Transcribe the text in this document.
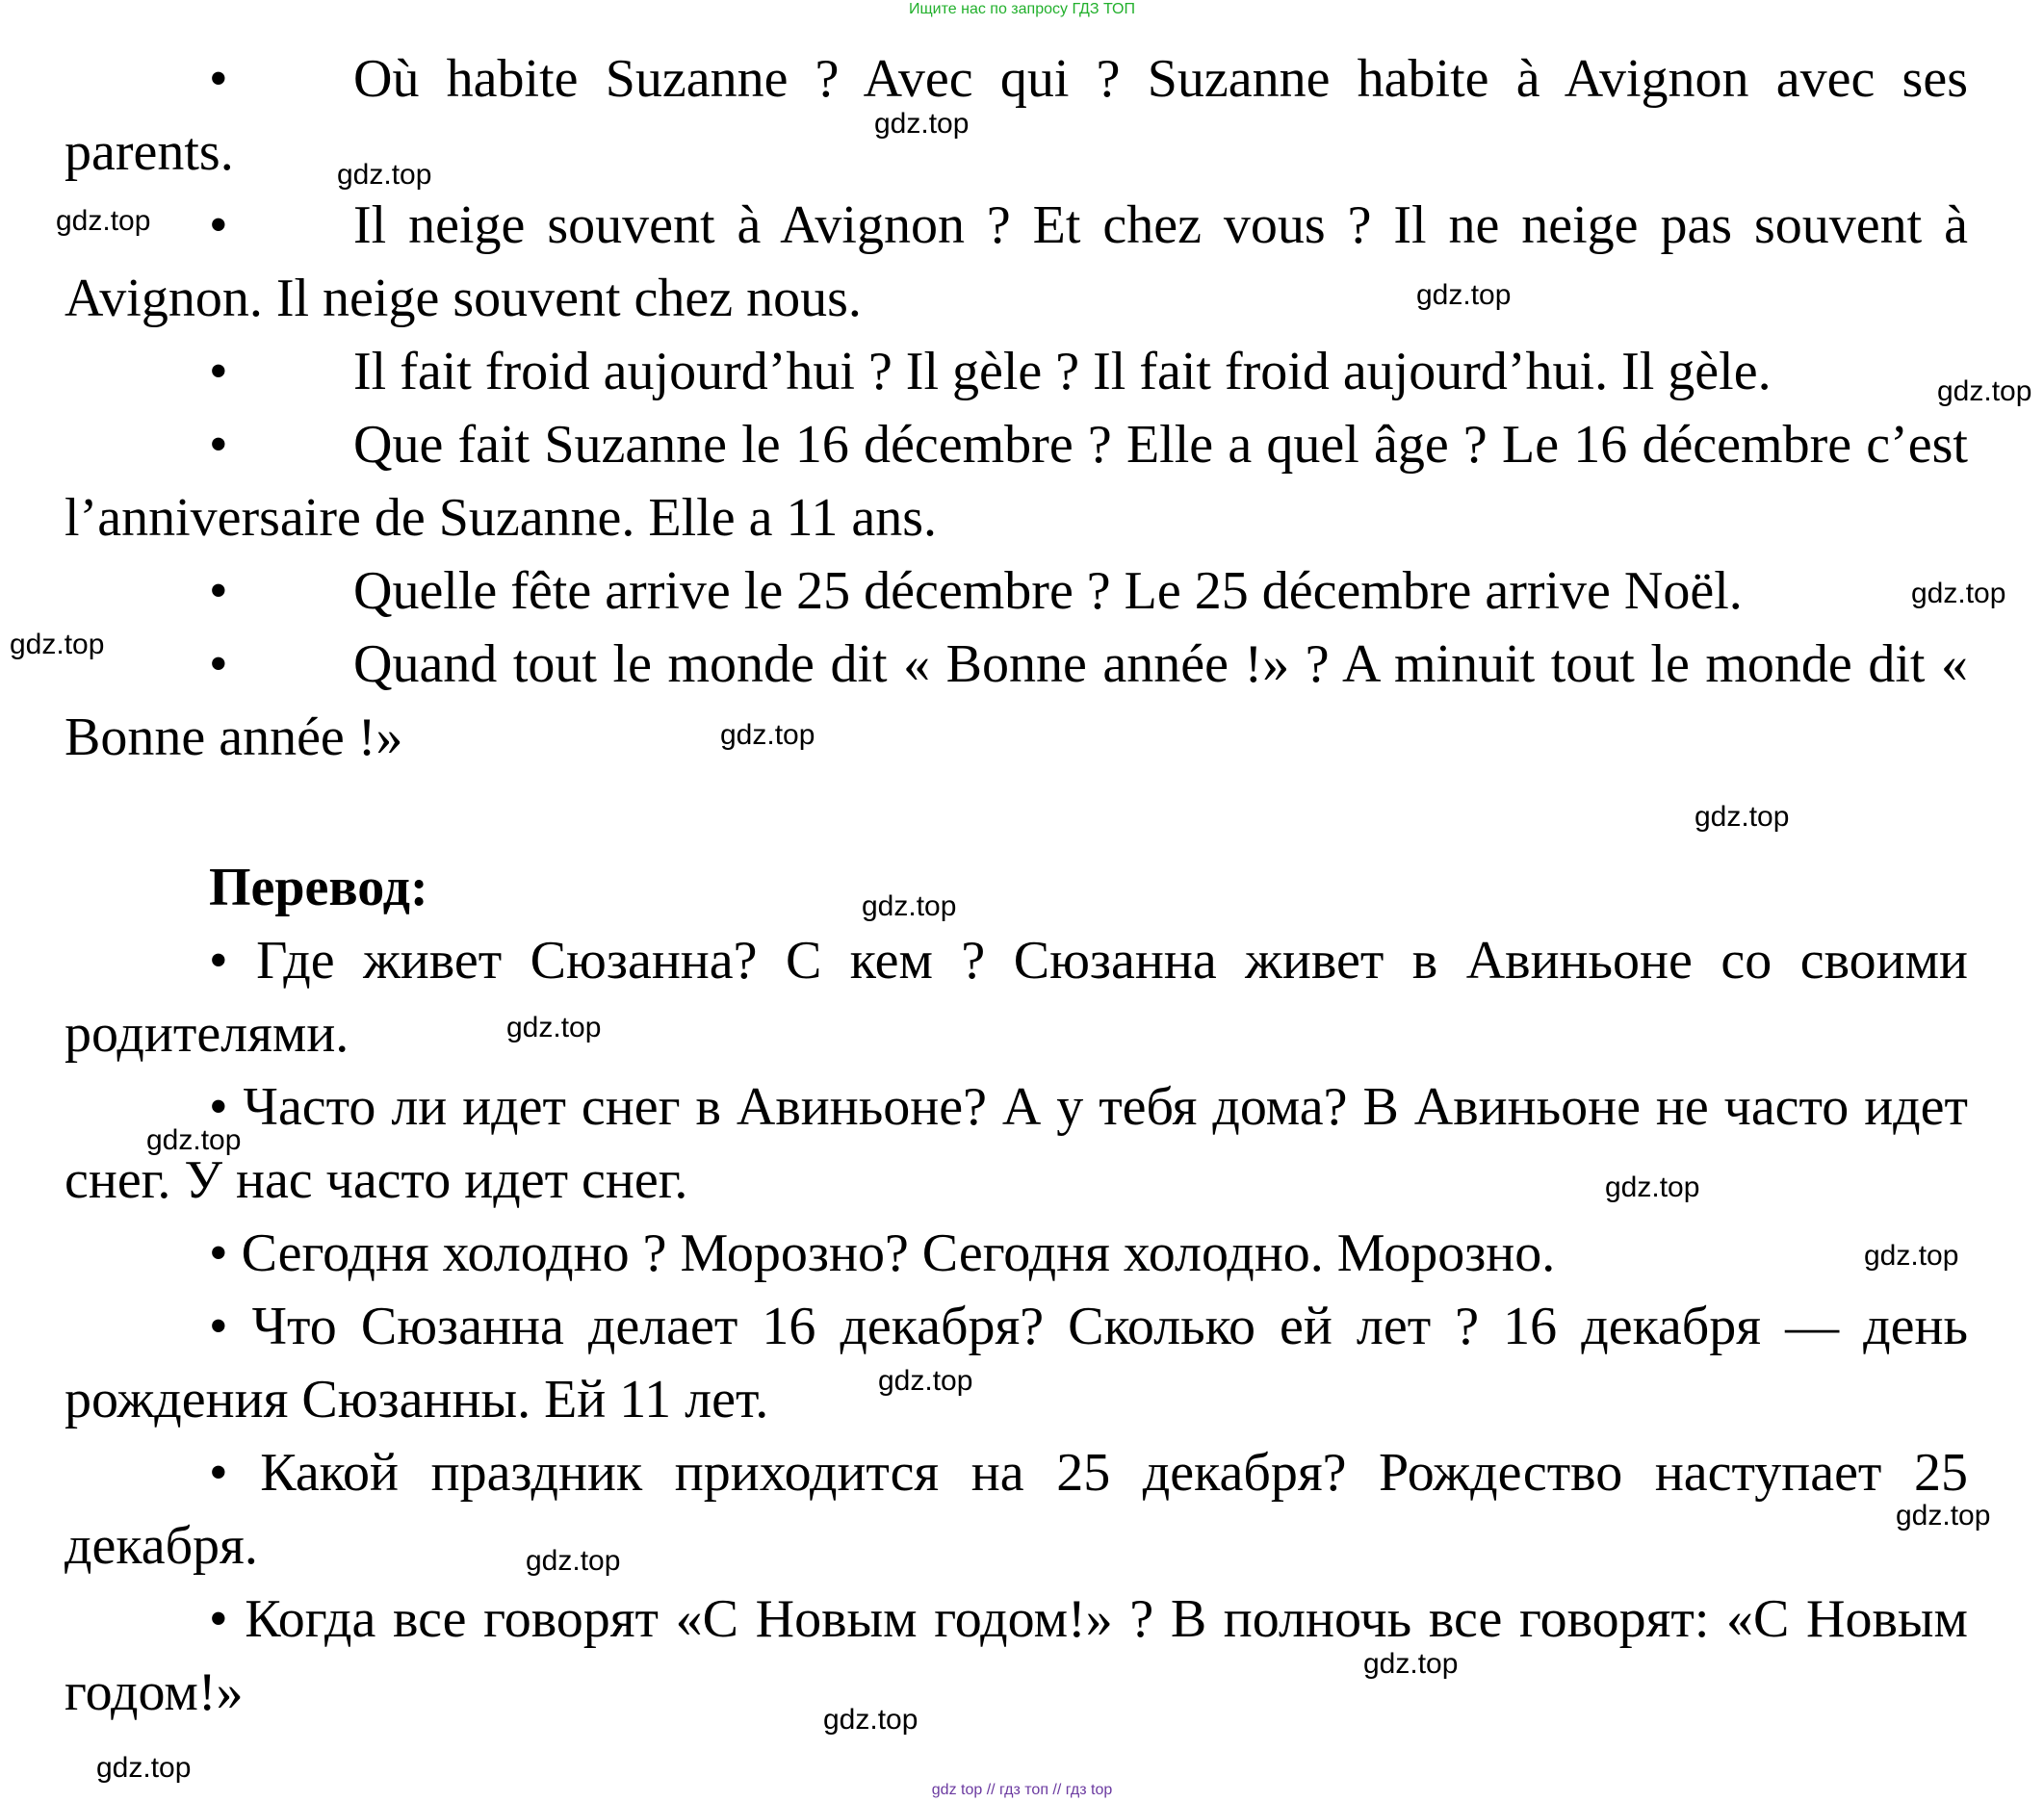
Ищите нас по запросу ГДЗ ТОП

• Où habite Suzanne ? Avec qui ? Suzanne habite à Avignon avec ses parents.

• Il neige souvent à Avignon ? Et chez vous ? Il ne neige pas souvent à Avignon. Il neige souvent chez nous.

• Il fait froid aujourd’hui ? Il gèle ? Il fait froid aujourd’hui. Il gèle.

• Que fait Suzanne le 16 décembre ? Elle a quel âge ? Le 16 décembre c’est l’anniversaire de Suzanne. Elle a 11 ans.

• Quelle fête arrive le 25 décembre ? Le 25 décembre arrive Noël.

• Quand tout le monde dit « Bonne année !» ? A minuit tout le monde dit « Bonne année !»

Перевод:

• Где живет Сюзанна? С кем ? Сюзанна живет в Авиньоне со своими родителями.

• Часто ли идет снег в Авиньоне? А у тебя дома? В Авиньоне не часто идет снег. У нас часто идет снег.

• Сегодня холодно ? Морозно? Сегодня холодно. Морозно.

• Что Сюзанна делает 16 декабря? Сколько ей лет ? 16 декабря — день рождения Сюзанны. Ей 11 лет.

• Какой праздник приходится на 25 декабря? Рождество наступает 25 декабря.

• Когда все говорят «С Новым годом!» ? В полночь все говорят: «С Новым годом!»

gdz.top
gdz.top
gdz.top
gdz.top
gdz.top
gdz.top
gdz.top
gdz.top
gdz.top
gdz.top
gdz.top
gdz.top
gdz.top
gdz.top
gdz.top
gdz.top
gdz.top
gdz.top
gdz.top
gdz.top
gdz top // гдз топ // гдз top
